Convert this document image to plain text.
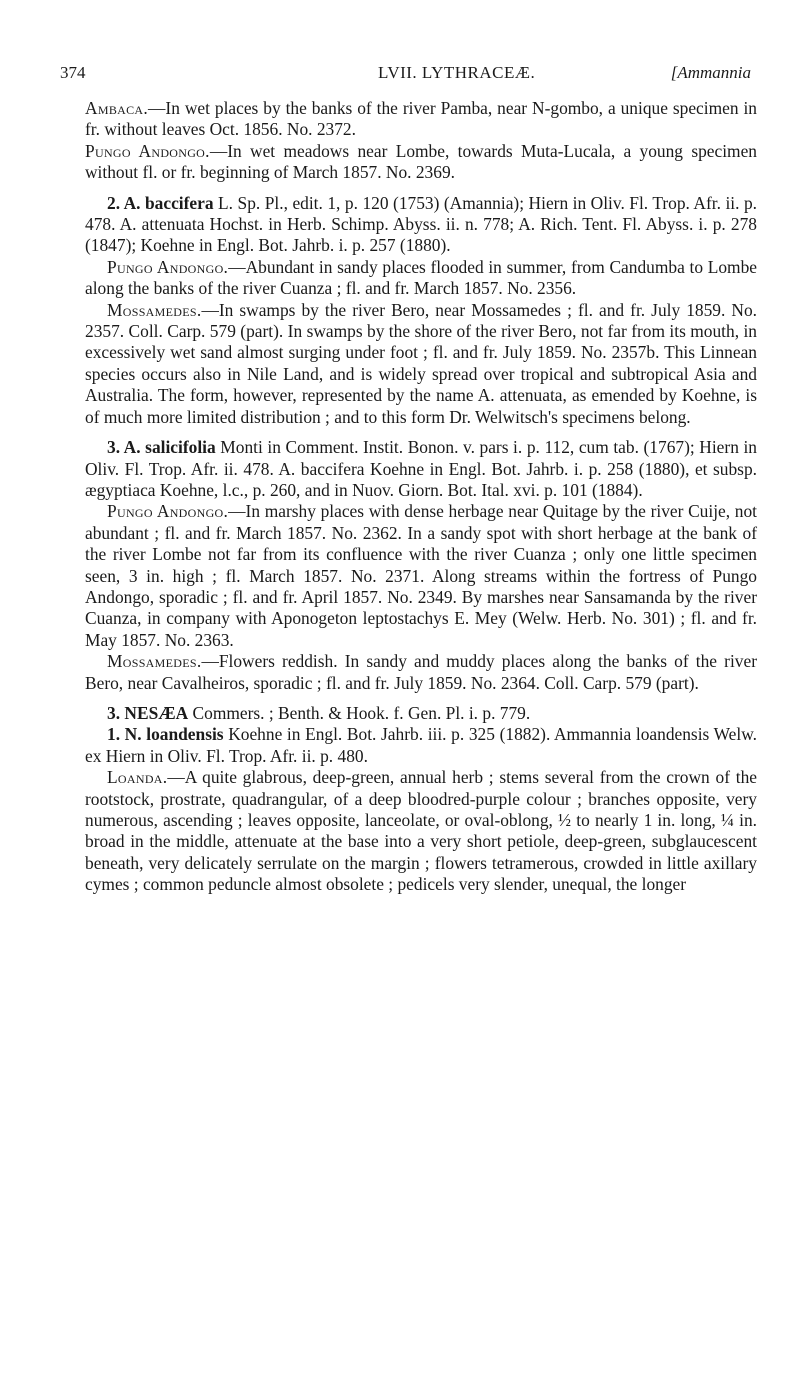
374	LVII. LYTHRACEÆ.	[Ammannia

Ambaca.—In wet places by the banks of the river Pamba, near N-gombo, a unique specimen in fr. without leaves Oct. 1856. No. 2372.

Pungo Andongo.—In wet meadows near Lombe, towards Muta-Lucala, a young specimen without fl. or fr. beginning of March 1857. No. 2369.

2. A. baccifera L. Sp. Pl., edit. 1, p. 120 (1753) (Amannia); Hiern in Oliv. Fl. Trop. Afr. ii. p. 478. A. attenuata Hochst. in Herb. Schimp. Abyss. ii. n. 778; A. Rich. Tent. Fl. Abyss. i. p. 278 (1847); Koehne in Engl. Bot. Jahrb. i. p. 257 (1880).

Pungo Andongo.—Abundant in sandy places flooded in summer, from Candumba to Lombe along the banks of the river Cuanza ; fl. and fr. March 1857. No. 2356.

Mossamedes.—In swamps by the river Bero, near Mossamedes ; fl. and fr. July 1859. No. 2357. Coll. Carp. 579 (part). In swamps by the shore of the river Bero, not far from its mouth, in excessively wet sand almost surging under foot ; fl. and fr. July 1859. No. 2357b. This Linnean species occurs also in Nile Land, and is widely spread over tropical and subtropical Asia and Australia. The form, however, represented by the name A. attenuata, as emended by Koehne, is of much more limited distribution ; and to this form Dr. Welwitsch's specimens belong.

3. A. salicifolia Monti in Comment. Instit. Bonon. v. pars i. p. 112, cum tab. (1767); Hiern in Oliv. Fl. Trop. Afr. ii. 478. A. baccifera Koehne in Engl. Bot. Jahrb. i. p. 258 (1880), et subsp. ægyptiaca Koehne, l.c., p. 260, and in Nuov. Giorn. Bot. Ital. xvi. p. 101 (1884).

Pungo Andongo.—In marshy places with dense herbage near Quitage by the river Cuije, not abundant ; fl. and fr. March 1857. No. 2362. In a sandy spot with short herbage at the bank of the river Lombe not far from its confluence with the river Cuanza ; only one little specimen seen, 3 in. high ; fl. March 1857. No. 2371. Along streams within the fortress of Pungo Andongo, sporadic ; fl. and fr. April 1857. No. 2349. By marshes near Sansamanda by the river Cuanza, in company with Aponogeton leptostachys E. Mey (Welw. Herb. No. 301) ; fl. and fr. May 1857. No. 2363.

Mossamedes.—Flowers reddish. In sandy and muddy places along the banks of the river Bero, near Cavalheiros, sporadic ; fl. and fr. July 1859. No. 2364. Coll. Carp. 579 (part).

3. NESÆA Commers. ; Benth. & Hook. f. Gen. Pl. i. p. 779.

1. N. loandensis Koehne in Engl. Bot. Jahrb. iii. p. 325 (1882). Ammannia loandensis Welw. ex Hiern in Oliv. Fl. Trop. Afr. ii. p. 480.

Loanda.—A quite glabrous, deep-green, annual herb ; stems several from the crown of the rootstock, prostrate, quadrangular, of a deep bloodred-purple colour ; branches opposite, very numerous, ascending ; leaves opposite, lanceolate, or oval-oblong, ½ to nearly 1 in. long, ¼ in. broad in the middle, attenuate at the base into a very short petiole, deep-green, subglaucescent beneath, very delicately serrulate on the margin ; flowers tetramerous, crowded in little axillary cymes ; common peduncle almost obsolete ; pedicels very slender, unequal, the longer
